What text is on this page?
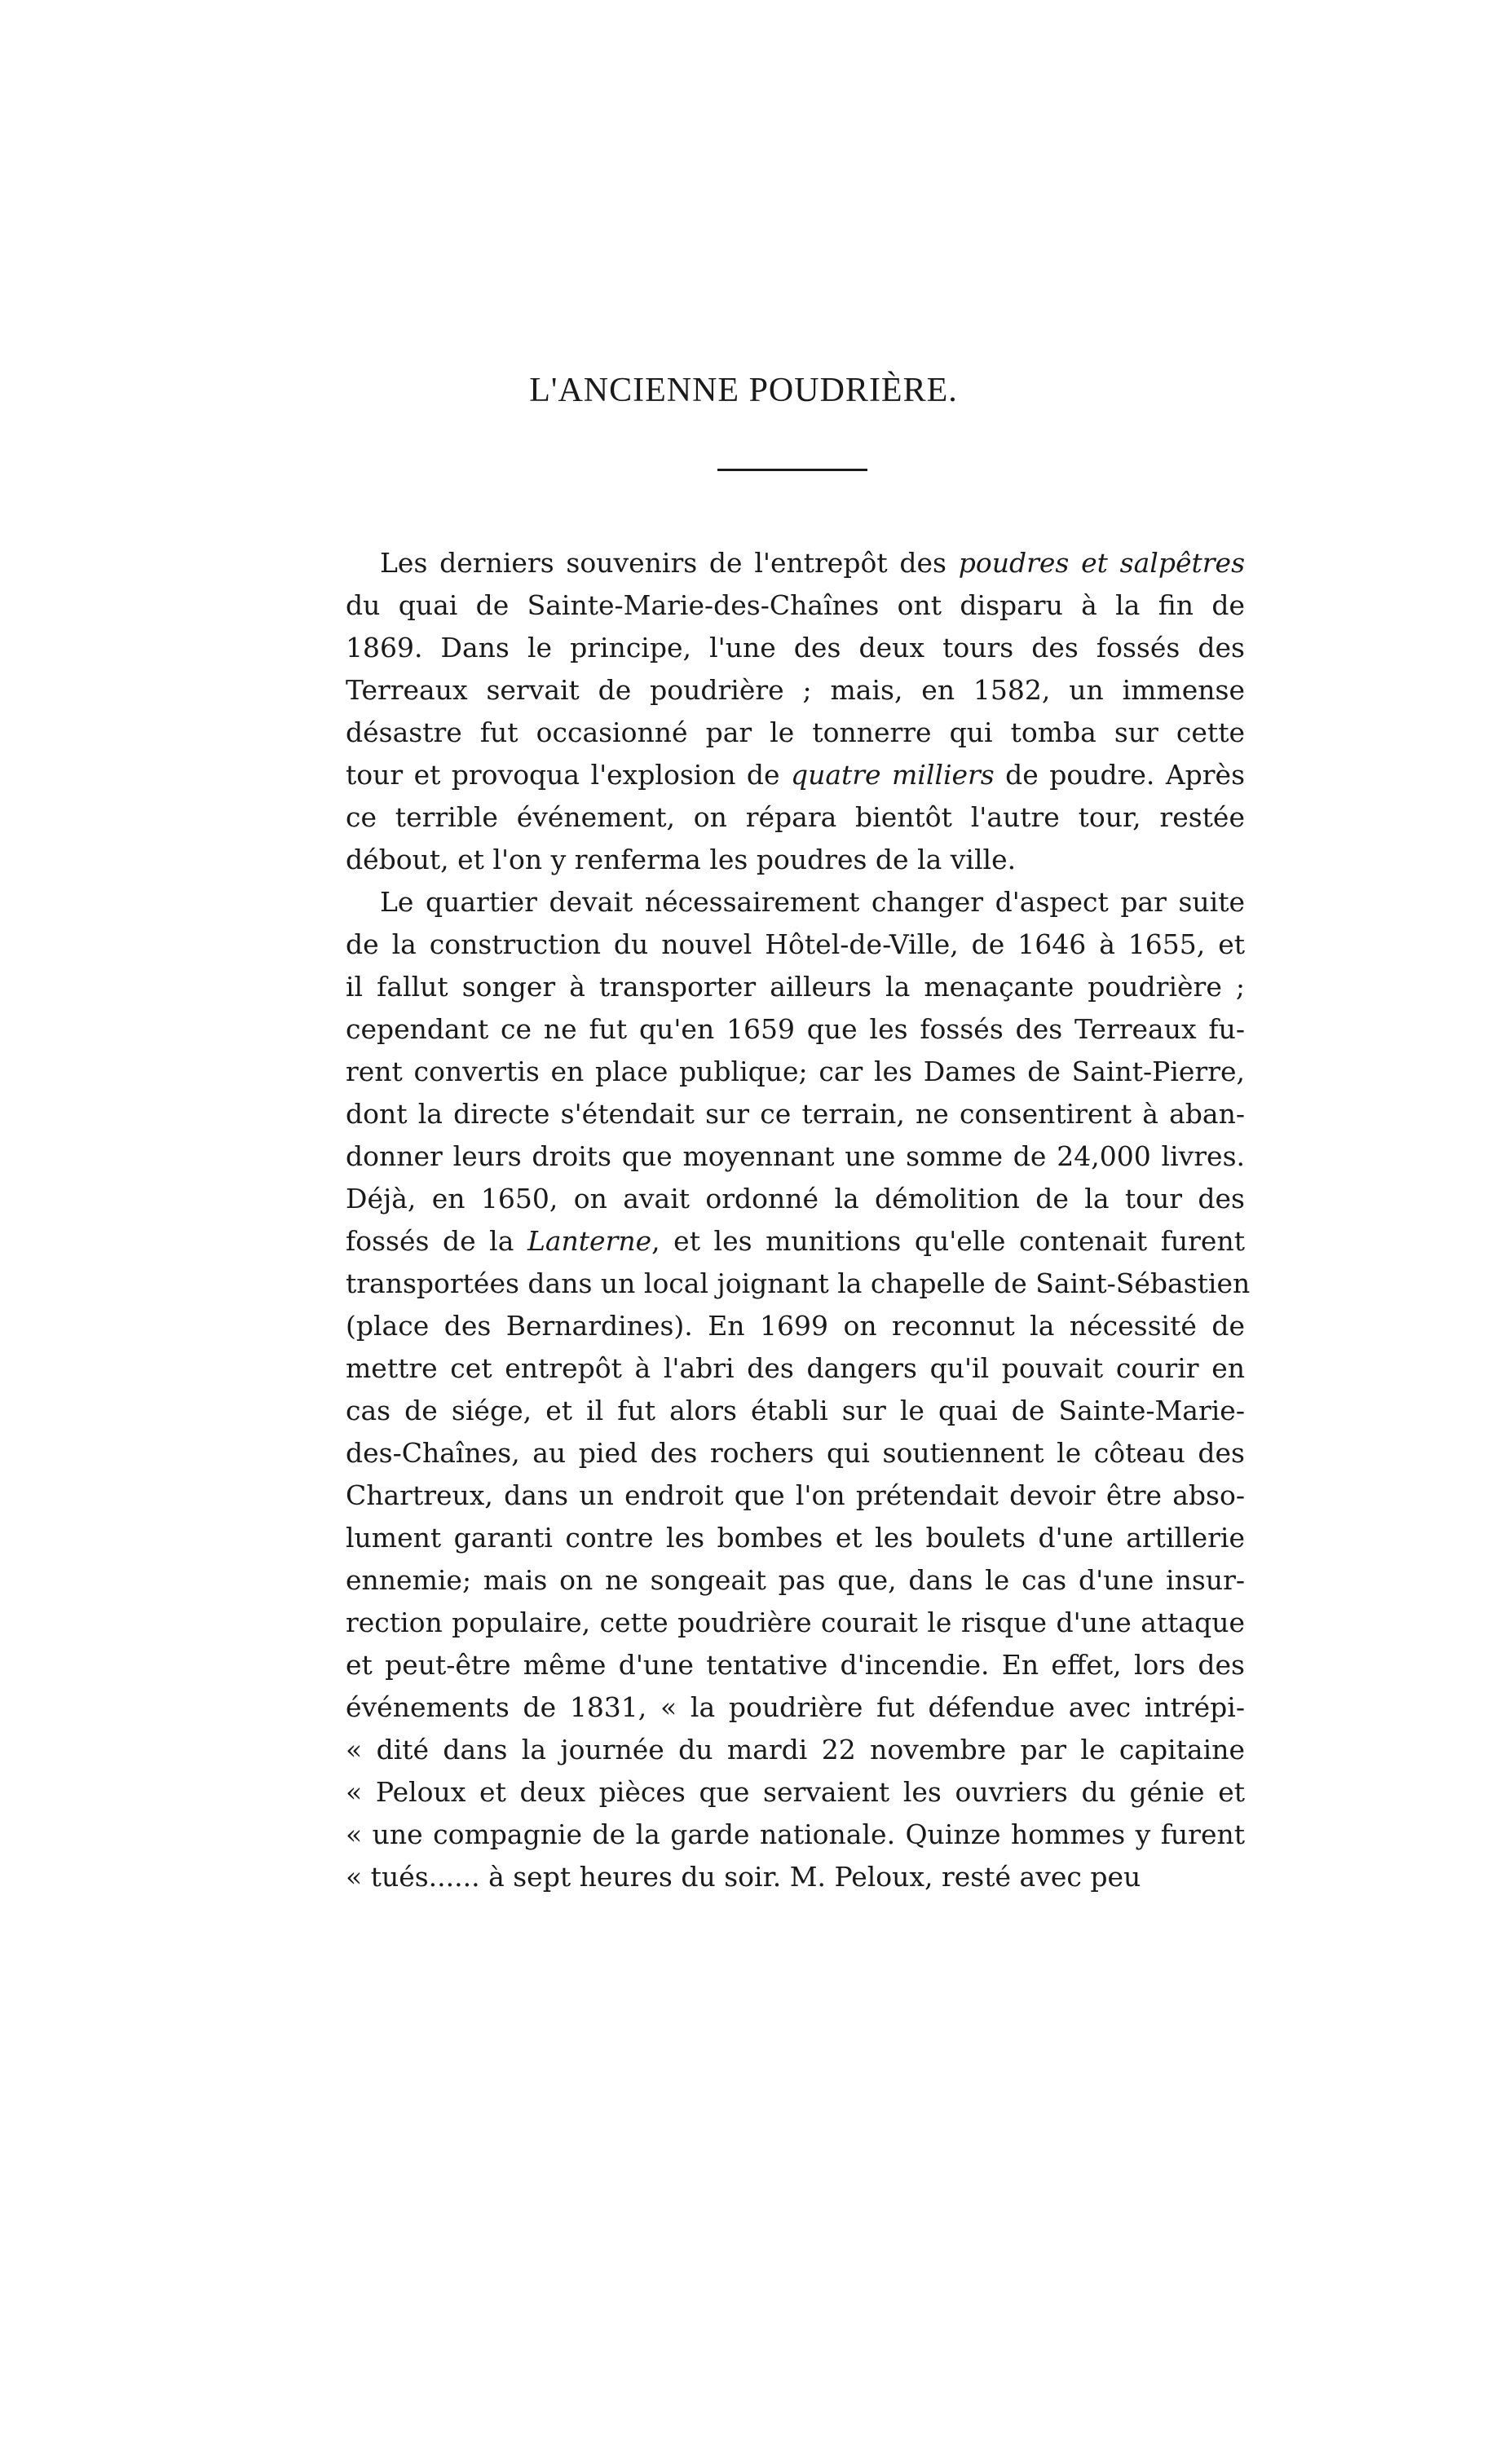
L'ANCIENNE POUDRIÈRE.
Les derniers souvenirs de l'entrepôt des poudres et salpêtres
du quai de Sainte-Marie-des-Chaînes ont disparu à la fin de
1869. Dans le principe, l'une des deux tours des fossés des
Terreaux servait de poudrière ; mais, en 1582, un immense
désastre fut occasionné par le tonnerre qui tomba sur cette
tour et provoqua l'explosion de quatre milliers de poudre. Après
ce terrible événement, on répara bientôt l'autre tour, restée
débout, et l'on y renferma les poudres de la ville.
Le quartier devait nécessairement changer d'aspect par suite
de la construction du nouvel Hôtel-de-Ville, de 1646 à 1655, et
il fallut songer à transporter ailleurs la menaçante poudrière ;
cependant ce ne fut qu'en 1659 que les fossés des Terreaux fu-
rent convertis en place publique; car les Dames de Saint-Pierre,
dont la directe s'étendait sur ce terrain, ne consentirent à aban-
donner leurs droits que moyennant une somme de 24,000 livres.
Déjà, en 1650, on avait ordonné la démolition de la tour des
fossés de la Lanterne, et les munitions qu'elle contenait furent
transportées dans un local joignant la chapelle de Saint-Sébastien
(place des Bernardines). En 1699 on reconnut la nécessité de
mettre cet entrepôt à l'abri des dangers qu'il pouvait courir en
cas de siége, et il fut alors établi sur le quai de Sainte-Marie-
des-Chaînes, au pied des rochers qui soutiennent le côteau des
Chartreux, dans un endroit que l'on prétendait devoir être abso-
lument garanti contre les bombes et les boulets d'une artillerie
ennemie; mais on ne songeait pas que, dans le cas d'une insur-
rection populaire, cette poudrière courait le risque d'une attaque
et peut-être même d'une tentative d'incendie. En effet, lors des
événements de 1831, « la poudrière fut défendue avec intrépi-
« dité dans la journée du mardi 22 novembre par le capitaine
« Peloux et deux pièces que servaient les ouvriers du génie et
« une compagnie de la garde nationale. Quinze hommes y furent
« tués...... à sept heures du soir. M. Peloux, resté avec peu
